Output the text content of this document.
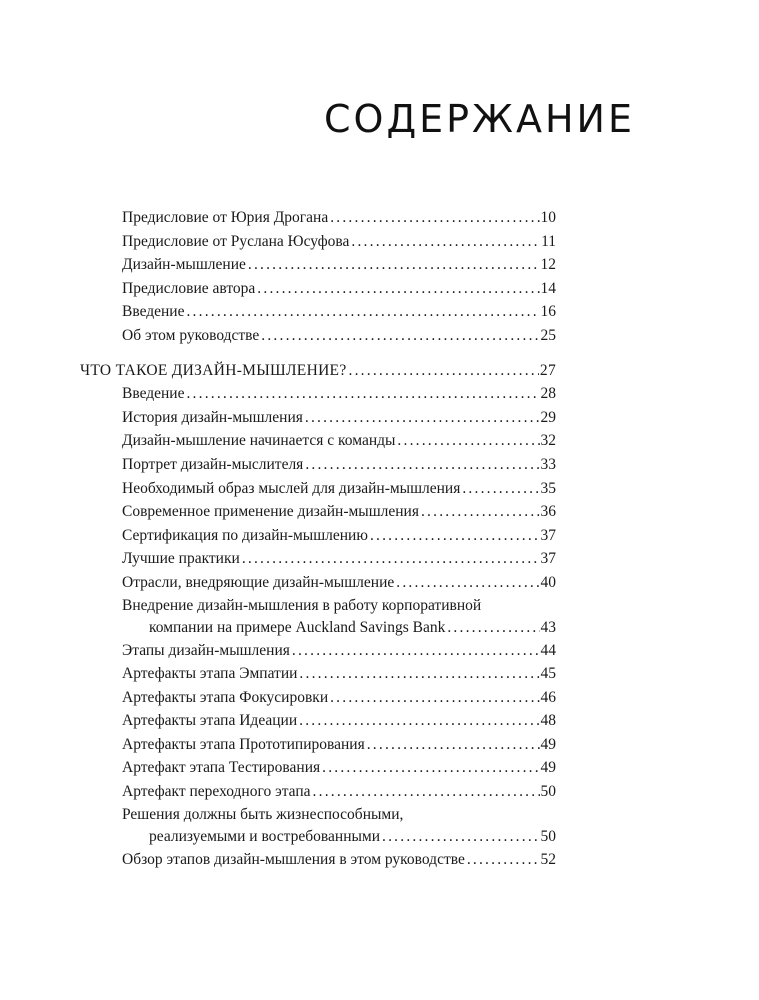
СОДЕРЖАНИЕ
Предисловие от Юрия Дрогана .....	10
Предисловие от Руслана Юсуфова .....	11
Дизайн-мышление .....	12
Предисловие автора .....	14
Введение .....	16
Об этом руководстве .....	25
ЧТО ТАКОЕ ДИЗАЙН-МЫШЛЕНИЕ? .....	27
Введение .....	28
История дизайн-мышления .....	29
Дизайн-мышление начинается с команды .....	32
Портрет дизайн-мыслителя .....	33
Необходимый образ мыслей для дизайн-мышления .....	35
Современное применение дизайн-мышления .....	36
Сертификация по дизайн-мышлению .....	37
Лучшие практики .....	37
Отрасли, внедряющие дизайн-мышление .....	40
Внедрение дизайн-мышления в работу корпоративной
компании на примере Auckland Savings Bank .....	43
Этапы дизайн-мышления .....	44
Артефакты этапа Эмпатии .....	45
Артефакты этапа Фокусировки .....	46
Артефакты этапа Идеации .....	48
Артефакты этапа Прототипирования .....	49
Артефакт этапа Тестирования .....	49
Артефакт переходного этапа .....	50
Решения должны быть жизнеспособными,
реализуемыми и востребованными .....	50
Обзор этапов дизайн-мышления в этом руководстве .....	52
